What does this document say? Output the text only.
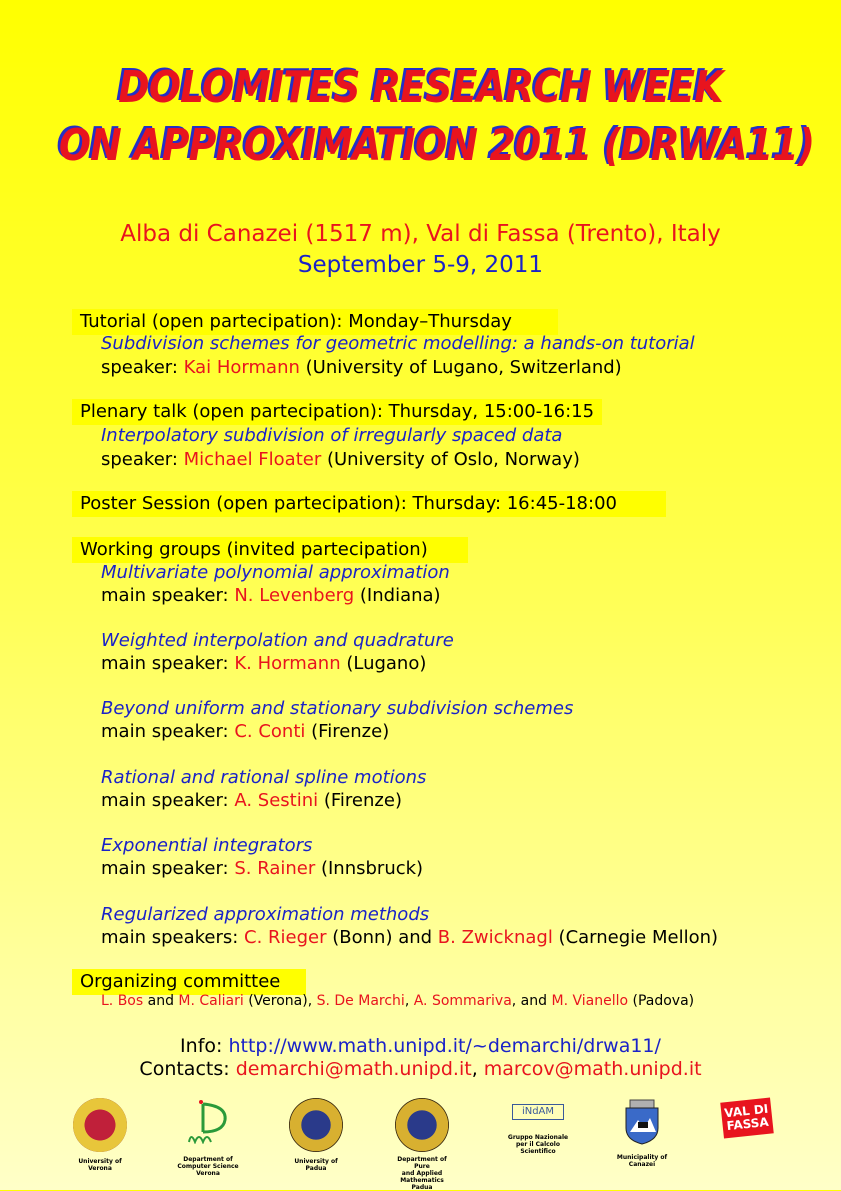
DOLOMITES RESEARCH WEEK
ON APPROXIMATION 2011 (DRWA11)
Alba di Canazei (1517 m), Val di Fassa (Trento), Italy
September 5-9, 2011
Tutorial (open partecipation): Monday–Thursday
Subdivision schemes for geometric modelling: a hands-on tutorial
speaker: Kai Hormann (University of Lugano, Switzerland)
Plenary talk (open partecipation): Thursday, 15:00-16:15
Interpolatory subdivision of irregularly spaced data
speaker: Michael Floater (University of Oslo, Norway)
Poster Session (open partecipation): Thursday: 16:45-18:00
Working groups (invited partecipation)
Multivariate polynomial approximation
main speaker: N. Levenberg (Indiana)
Weighted interpolation and quadrature
main speaker: K. Hormann (Lugano)
Beyond uniform and stationary subdivision schemes
main speaker: C. Conti (Firenze)
Rational and rational spline motions
main speaker: A. Sestini (Firenze)
Exponential integrators
main speaker: S. Rainer (Innsbruck)
Regularized approximation methods
main speakers: C. Rieger (Bonn) and B. Zwicknagl (Carnegie Mellon)
Organizing committee
L. Bos and M. Caliari (Verona), S. De Marchi, A. Sommariva, and M. Vianello (Padova)
Info: http://www.math.unipd.it/~demarchi/drwa11/
Contacts: demarchi@math.unipd.it, marcov@math.unipd.it
University of Verona
Department of
Computer Science
Verona
University of Padua
Department of Pure
and Applied
Mathematics
Padua
iNdAM
Gruppo Nazionale
per il Calcolo
Scientifico
Municipality of Canazei
VAL DI
FASSA
